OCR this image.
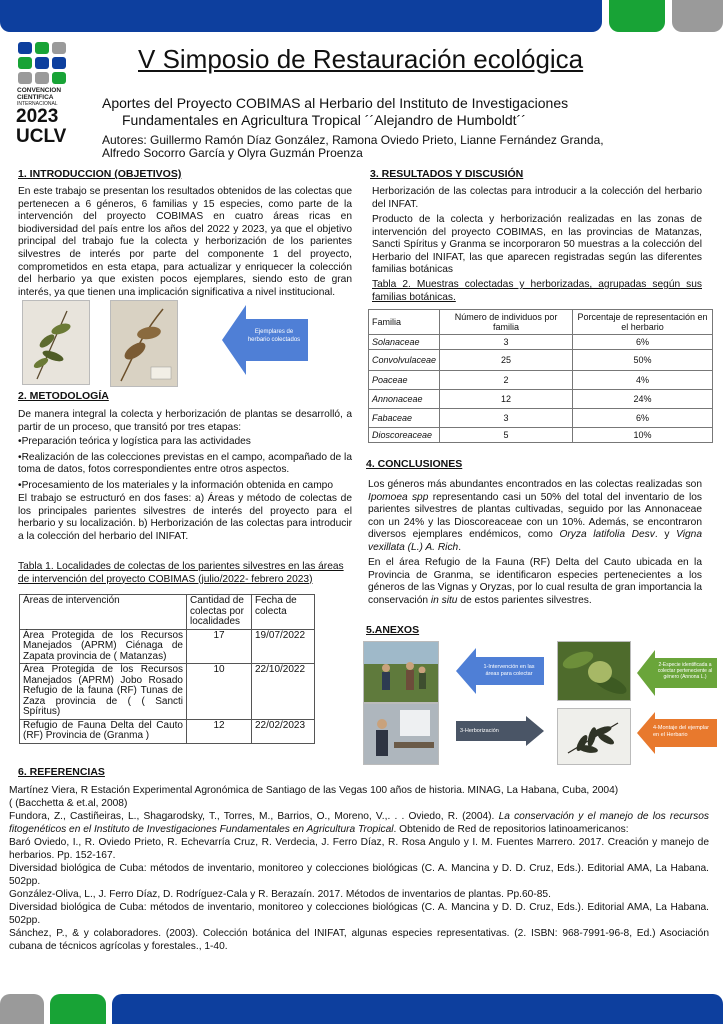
CONVENCION
CIENTIFICA
INTERNACIONAL
2023
UCLV
V Simposio de Restauración ecológica
Aportes del Proyecto COBIMAS al Herbario del Instituto de Investigaciones
Fundamentales en Agricultura Tropical ´´Alejandro de Humboldt´´
Autores: Guillermo Ramón Díaz González, Ramona Oviedo Prieto, Lianne Fernández Granda,
Alfredo Socorro García y Olyra Guzmán Proenza
1. INTRODUCCION (OBJETIVOS)

En este trabajo se presentan los resultados obtenidos de las colectas que pertenecen a 6 géneros, 6 familias y 15 especies, como parte de la intervención del proyecto COBIMAS en cuatro áreas ricas en biodiversidad del país entre los años del 2022 y 2023, ya que el objetivo principal del trabajo fue la colecta y herborización de los parientes silvestres de interés por parte del componente 1 del proyecto, comprometidos en esta etapa, para actualizar y enriquecer la colección del herbario ya que existen pocos ejemplares, siendo esto de gran interés, ya que tienen una implicación significativa a nivel institucional.

Ejemplares de herbario colectados
2. METODOLOGÍA

De manera integral la colecta y herborización de plantas se desarrolló, a partir de un proceso, que transitó por tres etapas:

•Preparación teórica y logística para las actividades
•Realización de las colecciones previstas en el campo, acompañado de la toma de datos, fotos correspondientes entre otros aspectos.
•Procesamiento de los materiales y la información obtenida en campo

El trabajo se estructuró en dos fases: a) Áreas y método de colectas de los principales parientes silvestres de interés del proyecto para el herbario y su localización. b) Herborización de las colectas para introducir a la colección del herbario del INIFAT.

Tabla 1. Localidades de colectas de los parientes silvestres en las áreas de intervención del proyecto COBIMAS (julio/2022- febrero 2023)

Áreas de intervención	Cantidad de colectas por localidades	Fecha de colecta
Área Protegida de los Recursos Manejados (APRM) Ciénaga de Zapata provincia de ( Matanzas)	17	19/07/2022
Área Protegida de los Recursos Manejados (APRM) Jobo Rosado Refugio de la fauna (RF) Tunas de Zaza provincia de ( ( Sancti Spíritus)	10	22/10/2022
Refugio de Fauna Delta del Cauto (RF) Provincia de (Granma )	12	22/02/2023
3. RESULTADOS Y DISCUSIÓN

Herborización de las colectas para introducir a la colección del herbario del INFAT.

Producto de la colecta y herborización realizadas en las zonas de intervención del proyecto COBIMAS, en las provincias de Matanzas, Sancti Spíritus y Granma se incorporaron 50 muestras a la colección del Herbario del INIFAT, las que aparecen registradas según las diferentes familias botánicas

Tabla 2. Muestras colectadas y herborizadas, agrupadas según sus familias botánicas.

Familia	Número de individuos por familia	Porcentaje de representación en el herbario
Solanaceae	3	6%
Convolvulaceae	25	50%
Poaceae	2	4%
Annonaceae	12	24%
Fabaceae	3	6%
Dioscoreaceae	5	10%
4. CONCLUSIONES

Los géneros más abundantes encontrados en las colectas realizadas son Ipomoea spp representando casi un 50% del total del inventario de los parientes silvestres de plantas cultivadas, seguido por las Annonaceae con un 24% y las Dioscoreaceae con un 10%. Además, se encontraron diversos ejemplares endémicos, como Oryza latifolia Desv. y Vigna vexillata (L.) A. Rich.

En el área Refugio de la Fauna (RF) Delta del Cauto ubicada en la Provincia de Granma, se identificaron especies pertenecientes a los géneros de las Vignas y Oryzas, por lo cual resulta de gran importancia la conservación in situ de estos parientes silvestres.

5.ANEXOS
1-Intervención en las áreas para colectar
2-Especie identificada a colectar perteneciente al género (Annona L.)
3-Herborización	4-Montaje del ejemplar en el Herbario
6. REFERENCIAS
Martínez Viera, R Estación Experimental Agronómica de Santiago de las Vegas 100 años de historia. MINAG, La Habana, Cuba, 2004)
( (Bacchetta & et.al, 2008)
Fundora, Z., Castiñeiras, L., Shagarodsky, T., Torres, M., Barrios, O., Moreno, V.,. . . Oviedo, R. (2004). La conservación y el manejo de los recursos fitogenéticos en el Instituto de Investigaciones Fundamentales en Agricultura Tropical. Obtenido de Red de repositorios latinoamericanos:
Baró Oviedo, I., R. Oviedo Prieto, R. Echevarría Cruz, R. Verdecia, J. Ferro Díaz, R. Rosa Angulo y I. M. Fuentes Marrero. 2017. Creación y manejo de herbarios. Pp. 152-167.
Diversidad biológica de Cuba: métodos de inventario, monitoreo y colecciones biológicas (C. A. Mancina y D. D. Cruz, Eds.). Editorial AMA, La Habana. 502pp.
González-Oliva, L., J. Ferro Díaz, D. Rodríguez-Cala y R. Berazaín. 2017. Métodos de inventarios de plantas. Pp.60-85.
Diversidad biológica de Cuba: métodos de inventario, monitoreo y colecciones biológicas (C. A. Mancina y D. D. Cruz, Eds.). Editorial AMA, La Habana. 502pp.
Sánchez, P., & y colaboradores. (2003). Colección botánica del INIFAT, algunas especies representativas. (2. ISBN: 968-7991-96-8, Ed.) Asociación cubana de técnicos agrícolas y forestales., 1-40.
